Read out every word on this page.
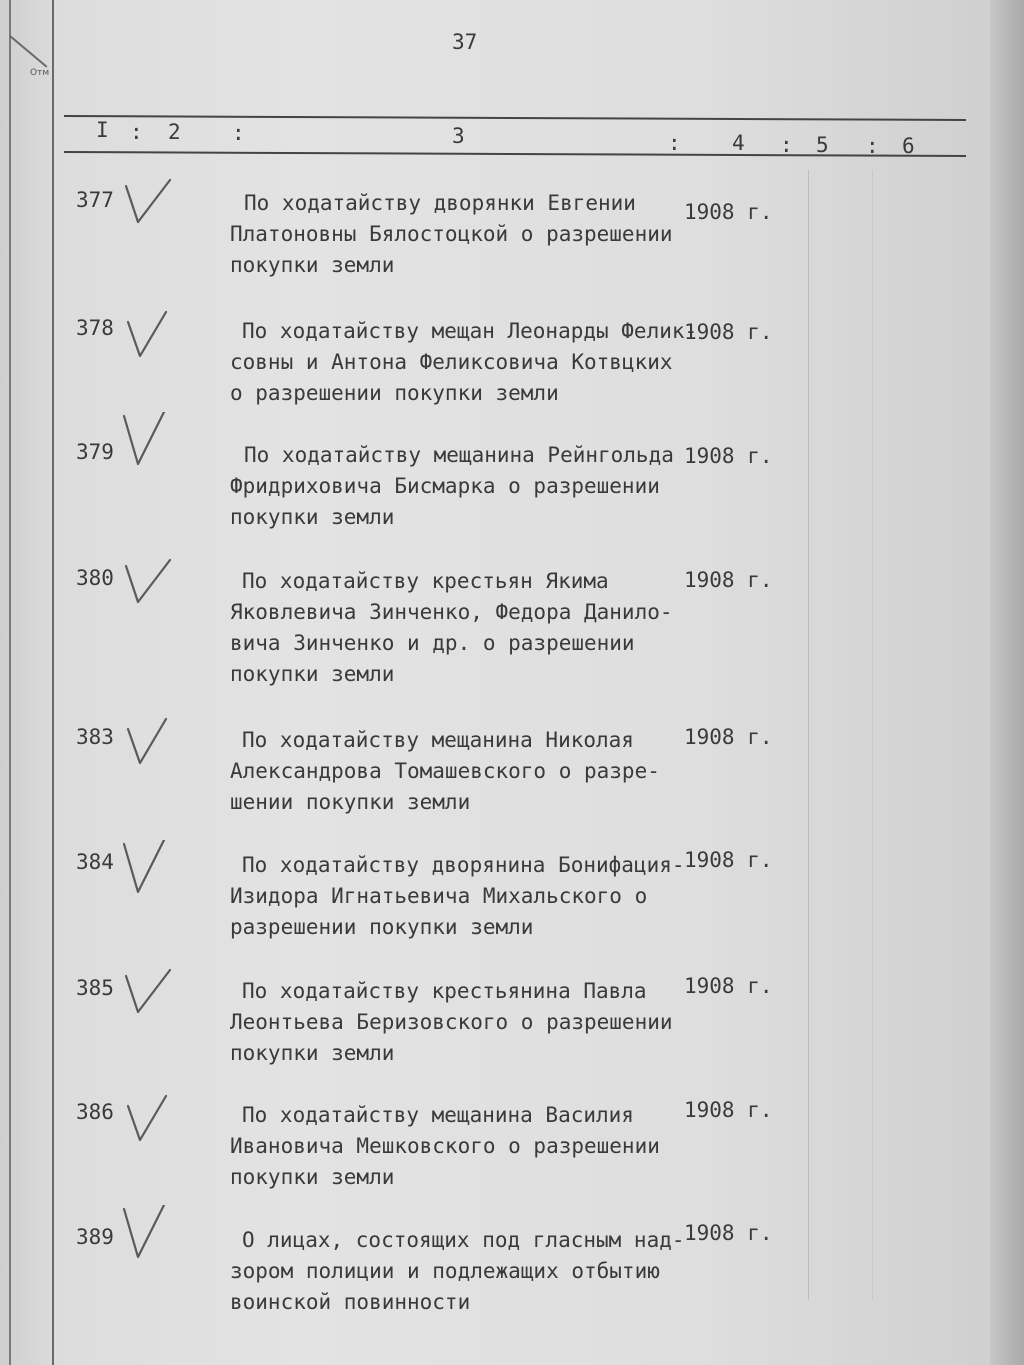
Отм
37
I : 2 :	3	: 4 : 5 : 6
377	По ходатайству дворянки Евгении
Платоновны Бялостоцкой о разрешении
покупки земли
1908 г.
378	По ходатайству мещан Леонарды Фелик-
совны и Антона Феликсовича Котвцких
о разрешении покупки земли
1908 г.
379	По ходатайству мещанина Рейнгольда
Фридриховича Бисмарка о разрешении
покупки земли
1908 г.
380	По ходатайству крестьян Якима
Яковлевича Зинченко, Федора Данило-
вича Зинченко и др. о разрешении
покупки земли
1908 г.
383	По ходатайству мещанина Николая
Александрова Томашевского о разре-
шении покупки земли
1908 г.
384	По ходатайству дворянина Бонифация-
Изидора Игнатьевича Михальского о
разрешении покупки земли
1908 г.
385	По ходатайству крестьянина Павла
Леонтьева Беризовского о разрешении
покупки земли
1908 г.
386	По ходатайству мещанина Василия
Ивановича Мешковского о разрешении
покупки земли
1908 г.
389	О лицах, состоящих под гласным над-
зором полиции и подлежащих отбытию
воинской повинности
1908 г.
